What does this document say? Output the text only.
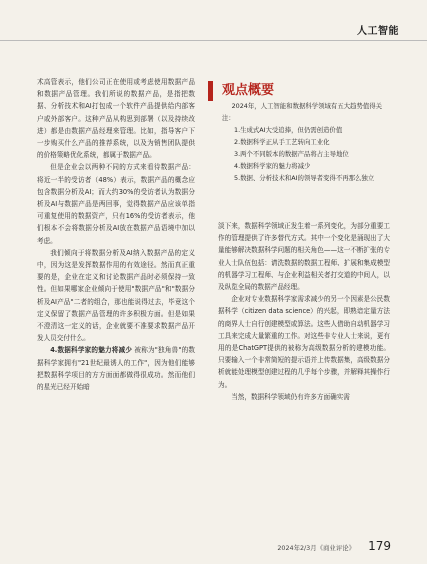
人工智能

术高管表示，他们公司正在使用或考虑使用数据产品和数据产品管理。我们所说的数据产品，是指把数据、分析技术和AI打包成一个软件产品提供给内部客户或外部客户。这种产品从构思到部署（以及持续改进）都是由数据产品经理来管理。比如，指导客户下一步购买什么产品的推荐系统，以及为销售团队提供的价格策略优化系统，都属于数据产品。

但是企业会以两种不同的方式来看待数据产品：将近一半的受访者（48%）表示，数据产品的概念应包含数据分析及AI；而大约30%的受访者认为数据分析及AI与数据产品是两回事，觉得数据产品应该单指可重复使用的数据资产，只有16%的受访者表示，他们根本不会将数据分析及AI放在数据产品语境中加以考虑。

我们倾向于将数据分析及AI纳入数据产品的定义中，因为这是发挥数据作用的有效途径。然而真正重要的是，企业在定义和讨论数据产品时必须保持一致性。但如果哪家企业倾向于使用"数据产品"和"数据分析及AI产品"二者的组合，那也能说得过去，毕竟这个定义保留了数据产品管理的许多积极方面。但是如果不澄清这一定义的话，企业就要不准要求数据产品开发人员交付什么。

4.数据科学家的魅力将减少 被称为"独角兽"的数据科学家拥有"21世纪最诱人的工作"，因为他们能够把数据科学项目的方方面面都做得很成功。然而他们的星光已经开始暗

观点概要
2024年，人工智能和数据科学领域有五大趋势值得关注：
1.生成式AI大受追捧，但仍需创造价值
2.数据科学正从手工艺转向工业化
3.两个不同版本的数据产品将占主导地位
4.数据科学家的魅力将减少
5.数据、分析技术和AI的领导者变得不再那么独立

淡下来，数据科学领域正发生着一系列变化，为部分重要工作的管理提供了许多替代方式。其中一个变化是涌现出了大量能够解决数据科学问题的相关角色——这一不断扩张的专业人士队伍包括：请洗数据的数据工程师、扩展和集成模型的机器学习工程师、与企业利益相关者打交道的中间人，以及纵览全局的数据产品经理。

企业对专业数据科学家需求减少的另一个因素是公民数据科学（citizen data science）的兴起，即熟谙定量方法的商界人士自行创建模型或算法。这些人借助自动机器学习工具来完成大量繁重的工作。对这些非专业人士来说，更有用的是ChatGPT提供的被称为高级数据分析的建模功能。只要输入一个非常简短的提示语并上传数据集，高级数据分析就能处理模型创建过程的几乎每个步骤，并解释其操作行为。

当然，数据科学领域仍有许多方面确实需

2024年2/3月《商业评论》 179
